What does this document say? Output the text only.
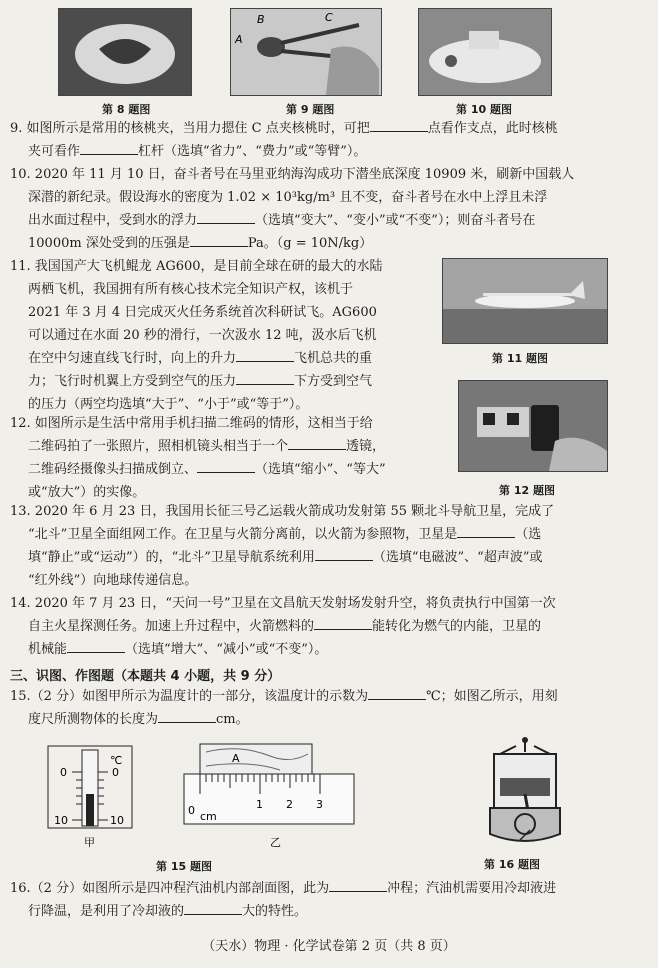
第 8 题图
A
B	C
第 9 题图	第 10 题图

9. 如图所示是常用的核桃夹，当用力摁住 C 点夹核桃时，可把	点看作支点，此时核桃

夹可看作	杠杆（选填“省力”、“费力”或“等臂”）。

10. 2020 年 11 月 10 日，奋斗者号在马里亚纳海沟成功下潜坐底深度 10909 米，刷新中国载人

深潜的新纪录。假设海水的密度为 1.02 × 10³kg/m³ 且不变，奋斗者号在水中上浮且未浮

出水面过程中，受到水的浮力	（选填“变大”、“变小”或“不变”）；则奋斗者号在

10000m 深处受到的压强是	Pa。（g = 10N/kg）

11. 我国国产大飞机鲲龙 AG600，是目前全球在研的最大的水陆

两栖飞机，我国拥有所有核心技术完全知识产权，该机于

2021 年 3 月 4 日完成灭火任务系统首次科研试飞。AG600

可以通过在水面 20 秒的滑行，一次汲水 12 吨，汲水后飞机

在空中匀速直线飞行时，向上的升力	飞机总共的重

力；飞行时机翼上方受到空气的压力	下方受到空气

的压力（两空均选填“大于”、“小于”或“等于”）。

第 11 题图

12. 如图所示是生活中常用手机扫描二维码的情形，这相当于给

二维码拍了一张照片，照相机镜头相当于一个	透镜，

二维码经摄像头扫描成倒立、	（选填“缩小”、“等大”

或“放大”）的实像。	第 12 题图

13. 2020 年 6 月 23 日，我国用长征三号乙运载火箭成功发射第 55 颗北斗导航卫星，完成了

“北斗”卫星全面组网工作。在卫星与火箭分离前，以火箭为参照物，卫星是	（选

填“静止”或“运动”）的，“北斗”卫星导航系统利用	（选填“电磁波”、“超声波”或

“红外线”）向地球传递信息。

14. 2020 年 7 月 23 日，“天问一号”卫星在文昌航天发射场发射升空，将负责执行中国第一次

自主火星探测任务。加速上升过程中，火箭燃料的	能转化为燃气的内能，卫星的

机械能	（选填“增大”、“减小”或“不变”）。

三、识图、作图题（本题共 4 小题，共 9 分）

15.（2 分）如图甲所示为温度计的一部分，该温度计的示数为	℃；如图乙所示，用刻

度尺所测物体的长度为	cm。

℃
0	0
10	10
甲
A
0	1 2 3
cm
乙
第 15 题图	第 16 题图

16.（2 分）如图所示是四冲程汽油机内部剖面图，此为	冲程；汽油机需要用冷却液进

行降温，是利用了冷却液的	大的特性。

（天水）物理 · 化学试卷第 2 页（共 8 页）
